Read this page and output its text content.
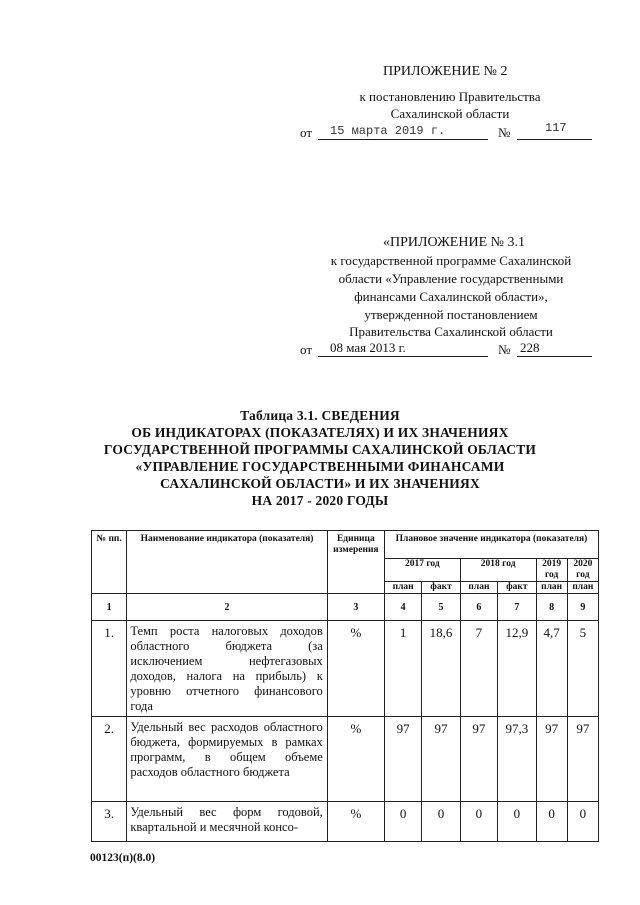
ПРИЛОЖЕНИЕ № 2
к постановлению Правительства
Сахалинской области
от 15 марта 2019 г.	№	117
«ПРИЛОЖЕНИЕ № 3.1
к государственной программе Сахалинской
области «Управление государственными
финансами Сахалинской области»,
утвержденной постановлением
Правительства Сахалинской области
от 08 мая 2013 г.	№ 228
Таблица 3.1. СВЕДЕНИЯ
ОБ ИНДИКАТОРАХ (ПОКАЗАТЕЛЯХ) И ИХ ЗНАЧЕНИЯХ
ГОСУДАРСТВЕННОЙ ПРОГРАММЫ САХАЛИНСКОЙ ОБЛАСТИ
«УПРАВЛЕНИЕ ГОСУДАРСТВЕННЫМИ ФИНАНСАМИ
САХАЛИНСКОЙ ОБЛАСТИ» И ИХ ЗНАЧЕНИЯХ
НА 2017 - 2020 ГОДЫ
№ пп.	Наименование индикатора (показателя)	Единица измерения	Плановое значение индикатора (показателя)					
			2017 год		2018 год		2019 год	2020 год
			план	факт	план	факт	план	план
1	2	3	4	5	6	7	8	9
1.	Темп роста налоговых доходов областного бюджета (за исключением нефтегазовых доходов, налога на прибыль) к уровню отчетного финансового года	%	1	18,6	7	12,9	4,7	5
2.	Удельный вес расходов областного бюджета, формируемых в рамках программ, в общем объеме расходов областного бюджета	%	97	97	97	97,3	97	97
3.	Удельный вес форм годовой, квартальной и месячной консо-	%	0	0	0	0	0	0
00123(п)(8.0)
